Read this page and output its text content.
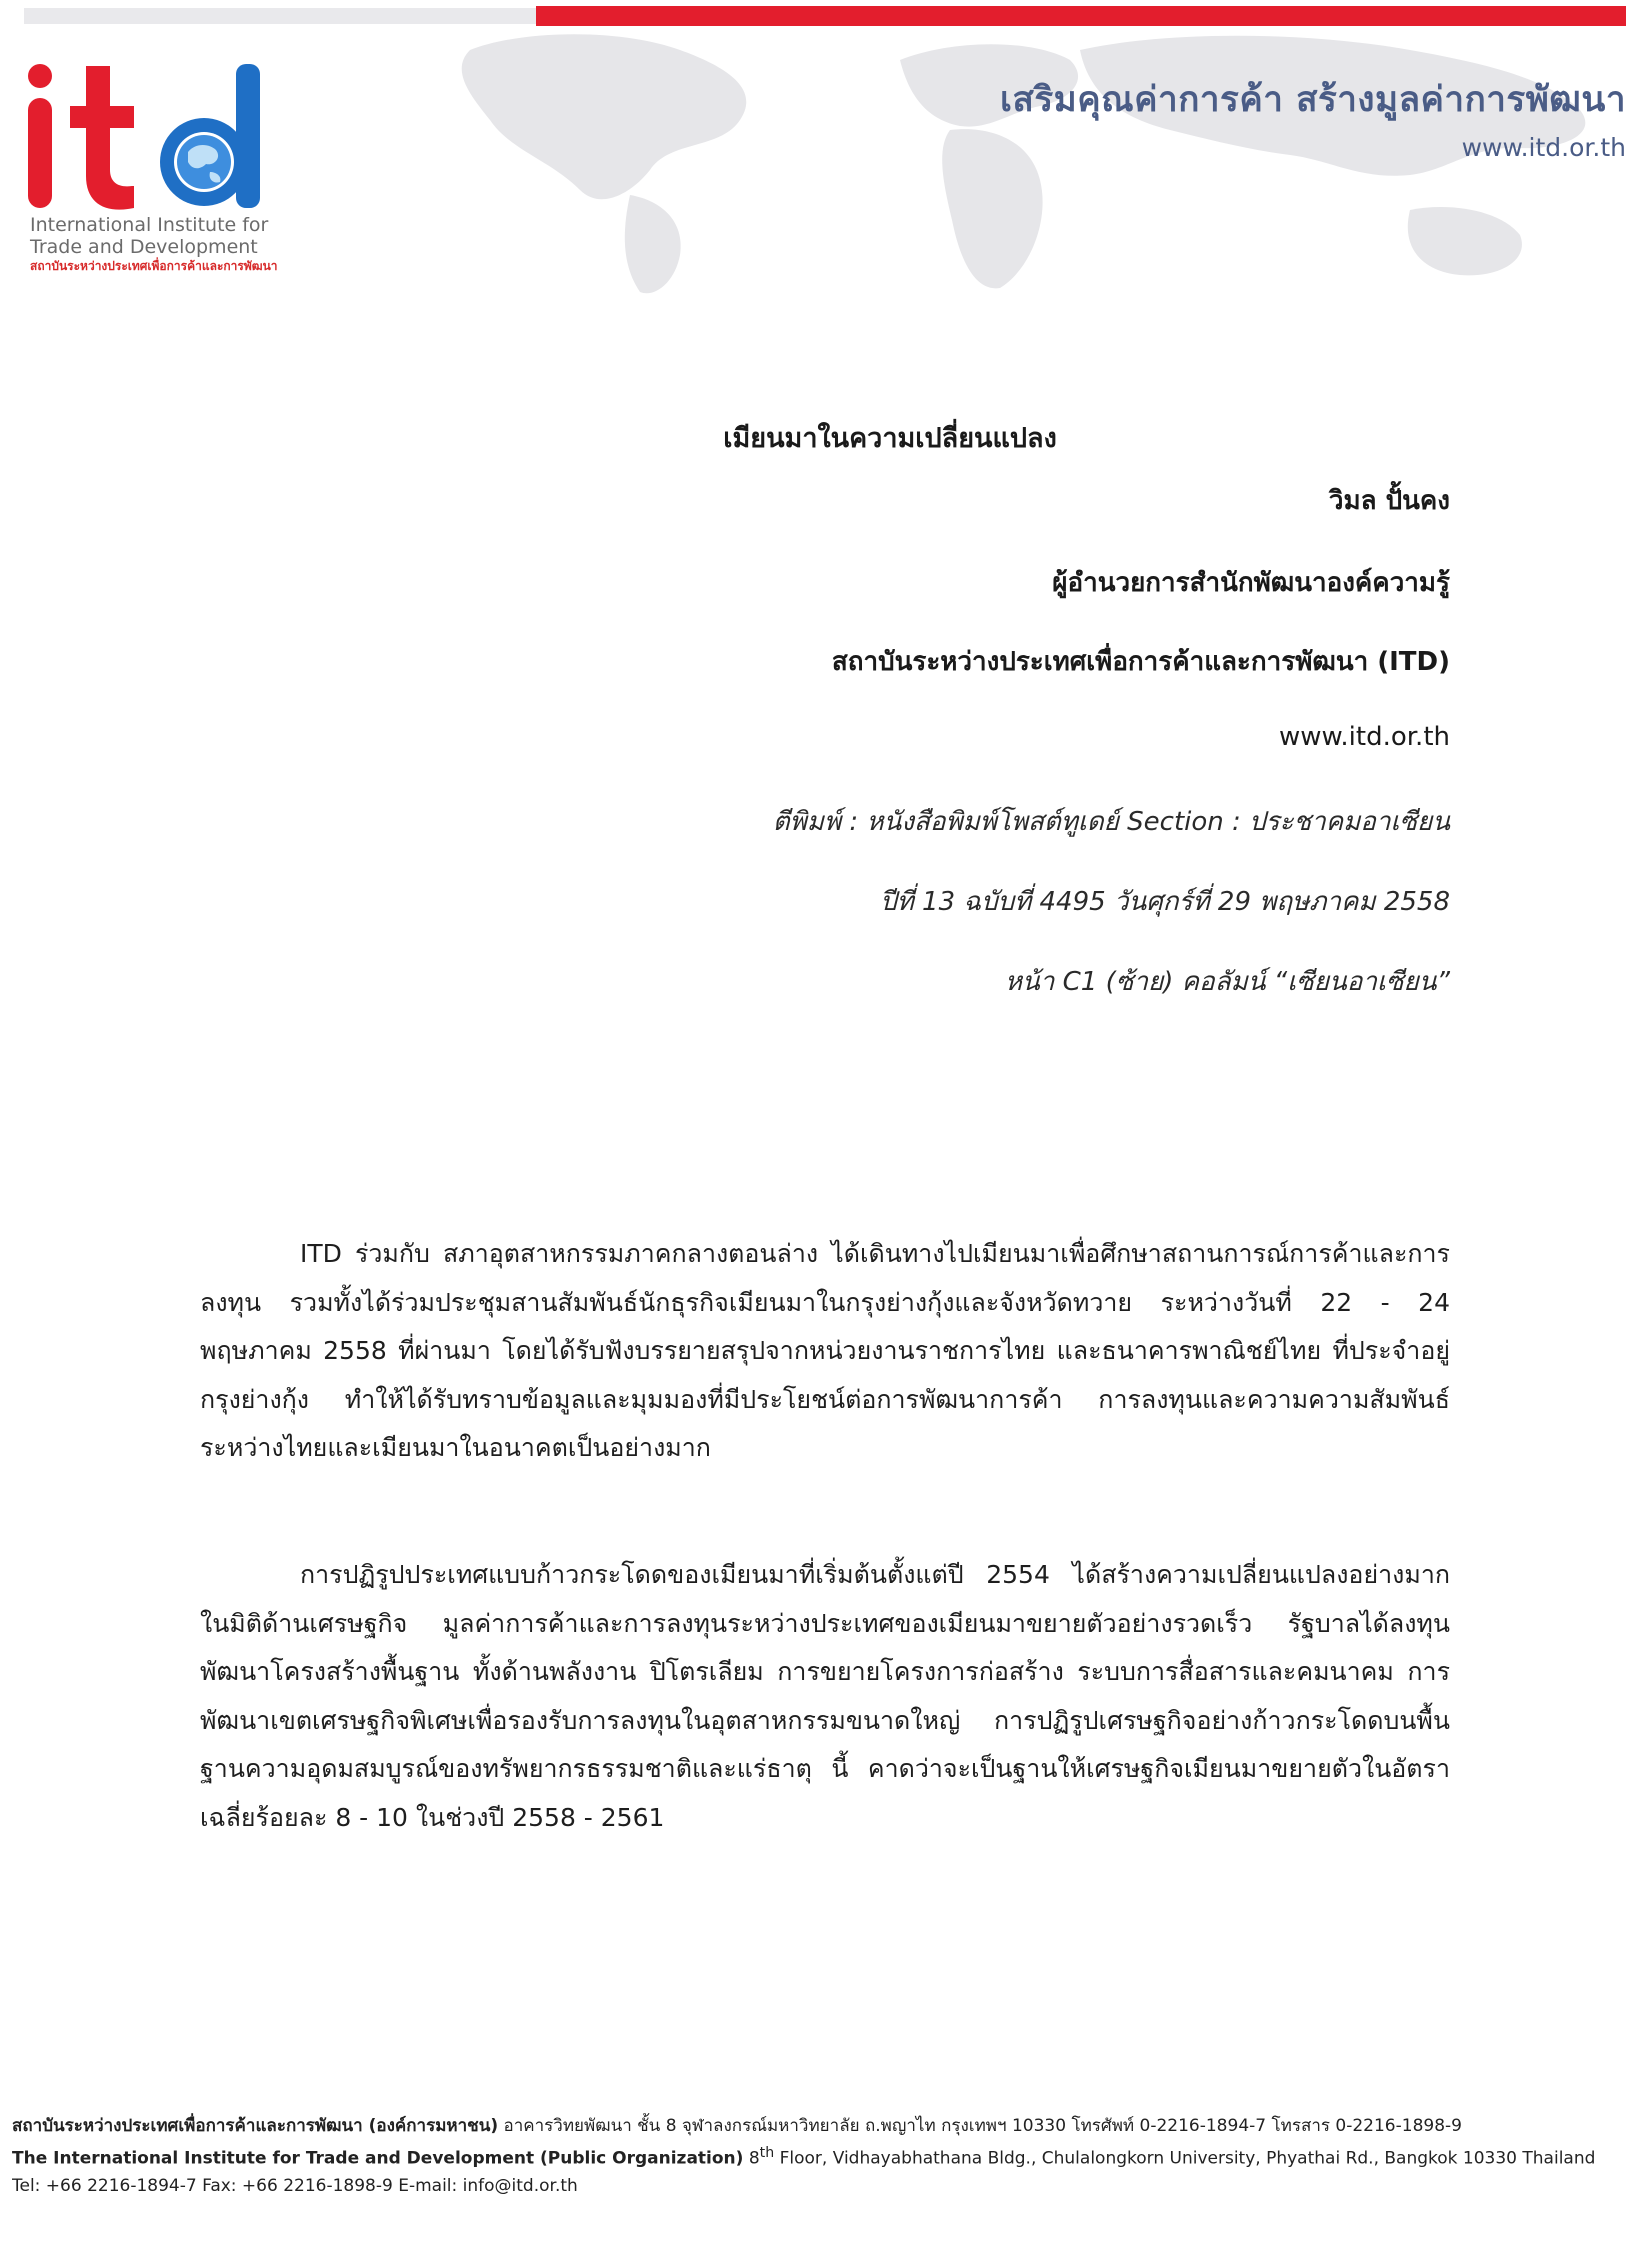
International Institute for
Trade and Development
สถาบันระหว่างประเทศเพื่อการค้าและการพัฒนา
เสริมคุณค่าการค้า สร้างมูลค่าการพัฒนา
www.itd.or.th
เมียนมาในความเปลี่ยนแปลง
วิมล ปั้นคง
ผู้อำนวยการสำนักพัฒนาองค์ความรู้
สถาบันระหว่างประเทศเพื่อการค้าและการพัฒนา (ITD)
www.itd.or.th
ตีพิมพ์ : หนังสือพิมพ์โพสต์ทูเดย์ Section : ประชาคมอาเซียน
ปีที่ 13 ฉบับที่ 4495 วันศุกร์ที่ 29 พฤษภาคม 2558
หน้า C1 (ซ้าย) คอลัมน์ “เซียนอาเซียน”
ITD ร่วมกับ สภาอุตสาหกรรมภาคกลางตอนล่าง ได้เดินทางไปเมียนมาเพื่อศึกษาสถานการณ์การค้าและการลงทุน รวมทั้งได้ร่วมประชุมสานสัมพันธ์นักธุรกิจเมียนมาในกรุงย่างกุ้งและจังหวัดทวาย ระหว่างวันที่ 22 - 24 พฤษภาคม 2558 ที่ผ่านมา โดยได้รับฟังบรรยายสรุปจากหน่วยงานราชการไทย และธนาคารพาณิชย์ไทย ที่ประจำอยู่กรุงย่างกุ้ง ทำให้ได้รับทราบข้อมูลและมุมมองที่มีประโยชน์ต่อการพัฒนาการค้า การลงทุนและความความสัมพันธ์ระหว่างไทยและเมียนมาในอนาคตเป็นอย่างมาก
การปฏิรูปประเทศแบบก้าวกระโดดของเมียนมาที่เริ่มต้นตั้งแต่ปี 2554 ได้สร้างความเปลี่ยนแปลงอย่างมาก ในมิติด้านเศรษฐกิจ มูลค่าการค้าและการลงทุนระหว่างประเทศของเมียนมาขยายตัวอย่างรวดเร็ว รัฐบาลได้ลงทุนพัฒนาโครงสร้างพื้นฐาน ทั้งด้านพลังงาน ปิโตรเลียม การขยายโครงการก่อสร้าง ระบบการสื่อสารและคมนาคม การพัฒนาเขตเศรษฐกิจพิเศษเพื่อรองรับการลงทุนในอุตสาหกรรมขนาดใหญ่ การปฏิรูปเศรษฐกิจอย่างก้าวกระโดดบนพื้นฐานความอุดมสมบูรณ์ของทรัพยากรธรรมชาติและแร่ธาตุ นี้ คาดว่าจะเป็นฐานให้เศรษฐกิจเมียนมาขยายตัวในอัตราเฉลี่ยร้อยละ 8 - 10 ในช่วงปี 2558 - 2561
สถาบันระหว่างประเทศเพื่อการค้าและการพัฒนา (องค์การมหาชน) อาคารวิทยพัฒนา ชั้น 8 จุฬาลงกรณ์มหาวิทยาลัย ถ.พญาไท กรุงเทพฯ 10330 โทรศัพท์ 0-2216-1894-7 โทรสาร 0-2216-1898-9
The International Institute for Trade and Development (Public Organization) 8th Floor, Vidhayabhathana Bldg., Chulalongkorn University, Phyathai Rd., Bangkok 10330 Thailand
Tel: +66 2216-1894-7 Fax: +66 2216-1898-9 E-mail: info@itd.or.th
